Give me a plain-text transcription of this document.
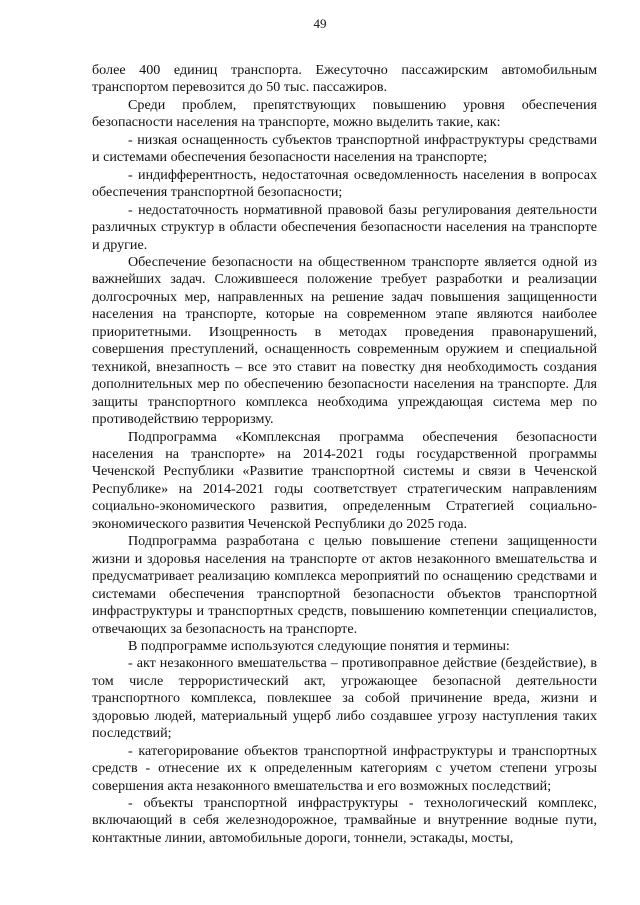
49

более 400 единиц транспорта. Ежесуточно пассажирским автомобильным транспортом перевозится до 50 тыс. пассажиров.

Среди проблем, препятствующих повышению уровня обеспечения безопасности населения на транспорте, можно выделить такие, как:

- низкая оснащенность субъектов транспортной инфраструктуры средствами и системами обеспечения безопасности населения на транспорте;

- индифферентность, недостаточная осведомленность населения в вопросах обеспечения транспортной безопасности;

- недостаточность нормативной правовой базы регулирования деятельности различных структур в области обеспечения безопасности населения на транспорте и другие.

Обеспечение безопасности на общественном транспорте является одной из важнейших задач. Сложившееся положение требует разработки и реализации долгосрочных мер, направленных на решение задач повышения защищенности населения на транспорте, которые на современном этапе являются наиболее приоритетными. Изощренность в методах проведения правонарушений, совершения преступлений, оснащенность современным оружием и специальной техникой, внезапность – все это ставит на повестку дня необходимость создания дополнительных мер по обеспечению безопасности населения на транспорте. Для защиты транспортного комплекса необходима упреждающая система мер по противодействию терроризму.

Подпрограмма «Комплексная программа обеспечения безопасности населения на транспорте» на 2014-2021 годы государственной программы Чеченской Республики «Развитие транспортной системы и связи в Чеченской Республике» на 2014-2021 годы соответствует стратегическим направлениям социально-экономического развития, определенным Стратегией социально-экономического развития Чеченской Республики до 2025 года.

Подпрограмма разработана с целью повышение степени защищенности жизни и здоровья населения на транспорте от актов незаконного вмешательства и предусматривает реализацию комплекса мероприятий по оснащению средствами и системами обеспечения транспортной безопасности объектов транспортной инфраструктуры и транспортных средств, повышению компетенции специалистов, отвечающих за безопасность на транспорте.

В подпрограмме используются следующие понятия и термины:

- акт незаконного вмешательства – противоправное действие (бездействие), в том числе террористический акт, угрожающее безопасной деятельности транспортного комплекса, повлекшее за собой причинение вреда, жизни и здоровью людей, материальный ущерб либо создавшее угрозу наступления таких последствий;

- категорирование объектов транспортной инфраструктуры и транспортных средств - отнесение их к определенным категориям с учетом степени угрозы совершения акта незаконного вмешательства и его возможных последствий;

- объекты транспортной инфраструктуры - технологический комплекс, включающий в себя железнодорожное, трамвайные и внутренние водные пути, контактные линии, автомобильные дороги, тоннели, эстакады, мосты,
